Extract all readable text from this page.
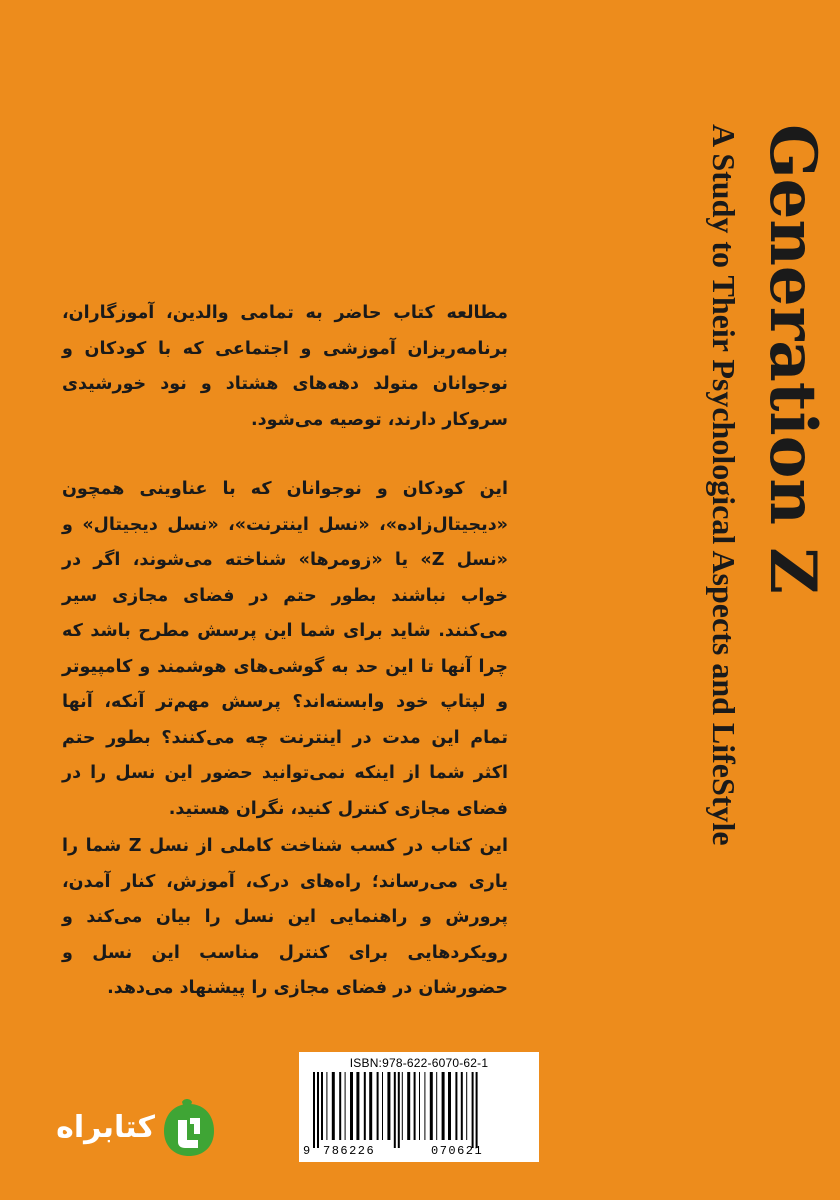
Generation Z
A Study to Their Psychological Aspects and LifeStyle

مطالعه کتاب حاضر به تمامی والدین، آموزگاران، برنامه‌ریزان آموزشی و اجتماعی که با کودکان و نوجوانان متولد دهه‌های هشتاد و نود خورشیدی سروکار دارند، توصیه می‌شود.

این کودکان و نوجوانان که با عناوینی همچون «دیجیتال‌زاده»، «نسل اینترنت»، «نسل دیجیتال» و «نسل Z» یا «زومرها» شناخته می‌شوند، اگر در خواب نباشند بطور حتم در فضای مجازی سیر می‌کنند. شاید برای شما این پرسش مطرح باشد که چرا آنها تا این حد به گوشی‌های هوشمند و کامپیوتر و لپتاپ خود وابسته‌اند؟ پرسش مهم‌تر آنکه، آنها تمام این مدت در اینترنت چه می‌کنند؟ بطور حتم اکثر شما از اینکه نمی‌توانید حضور این نسل را در فضای مجازی کنترل کنید، نگران هستید.

این کتاب در کسب شناخت کاملی از نسل Z شما را یاری می‌رساند؛ راه‌های درک، آموزش، کنار آمدن، پرورش و راهنمایی این نسل را بیان می‌کند و رویکردهایی برای کنترل مناسب این نسل و حضورشان در فضای مجازی را پیشنهاد می‌دهد.

ISBN:978-622-6070-62-1
9 786226	070621
کتابراه
